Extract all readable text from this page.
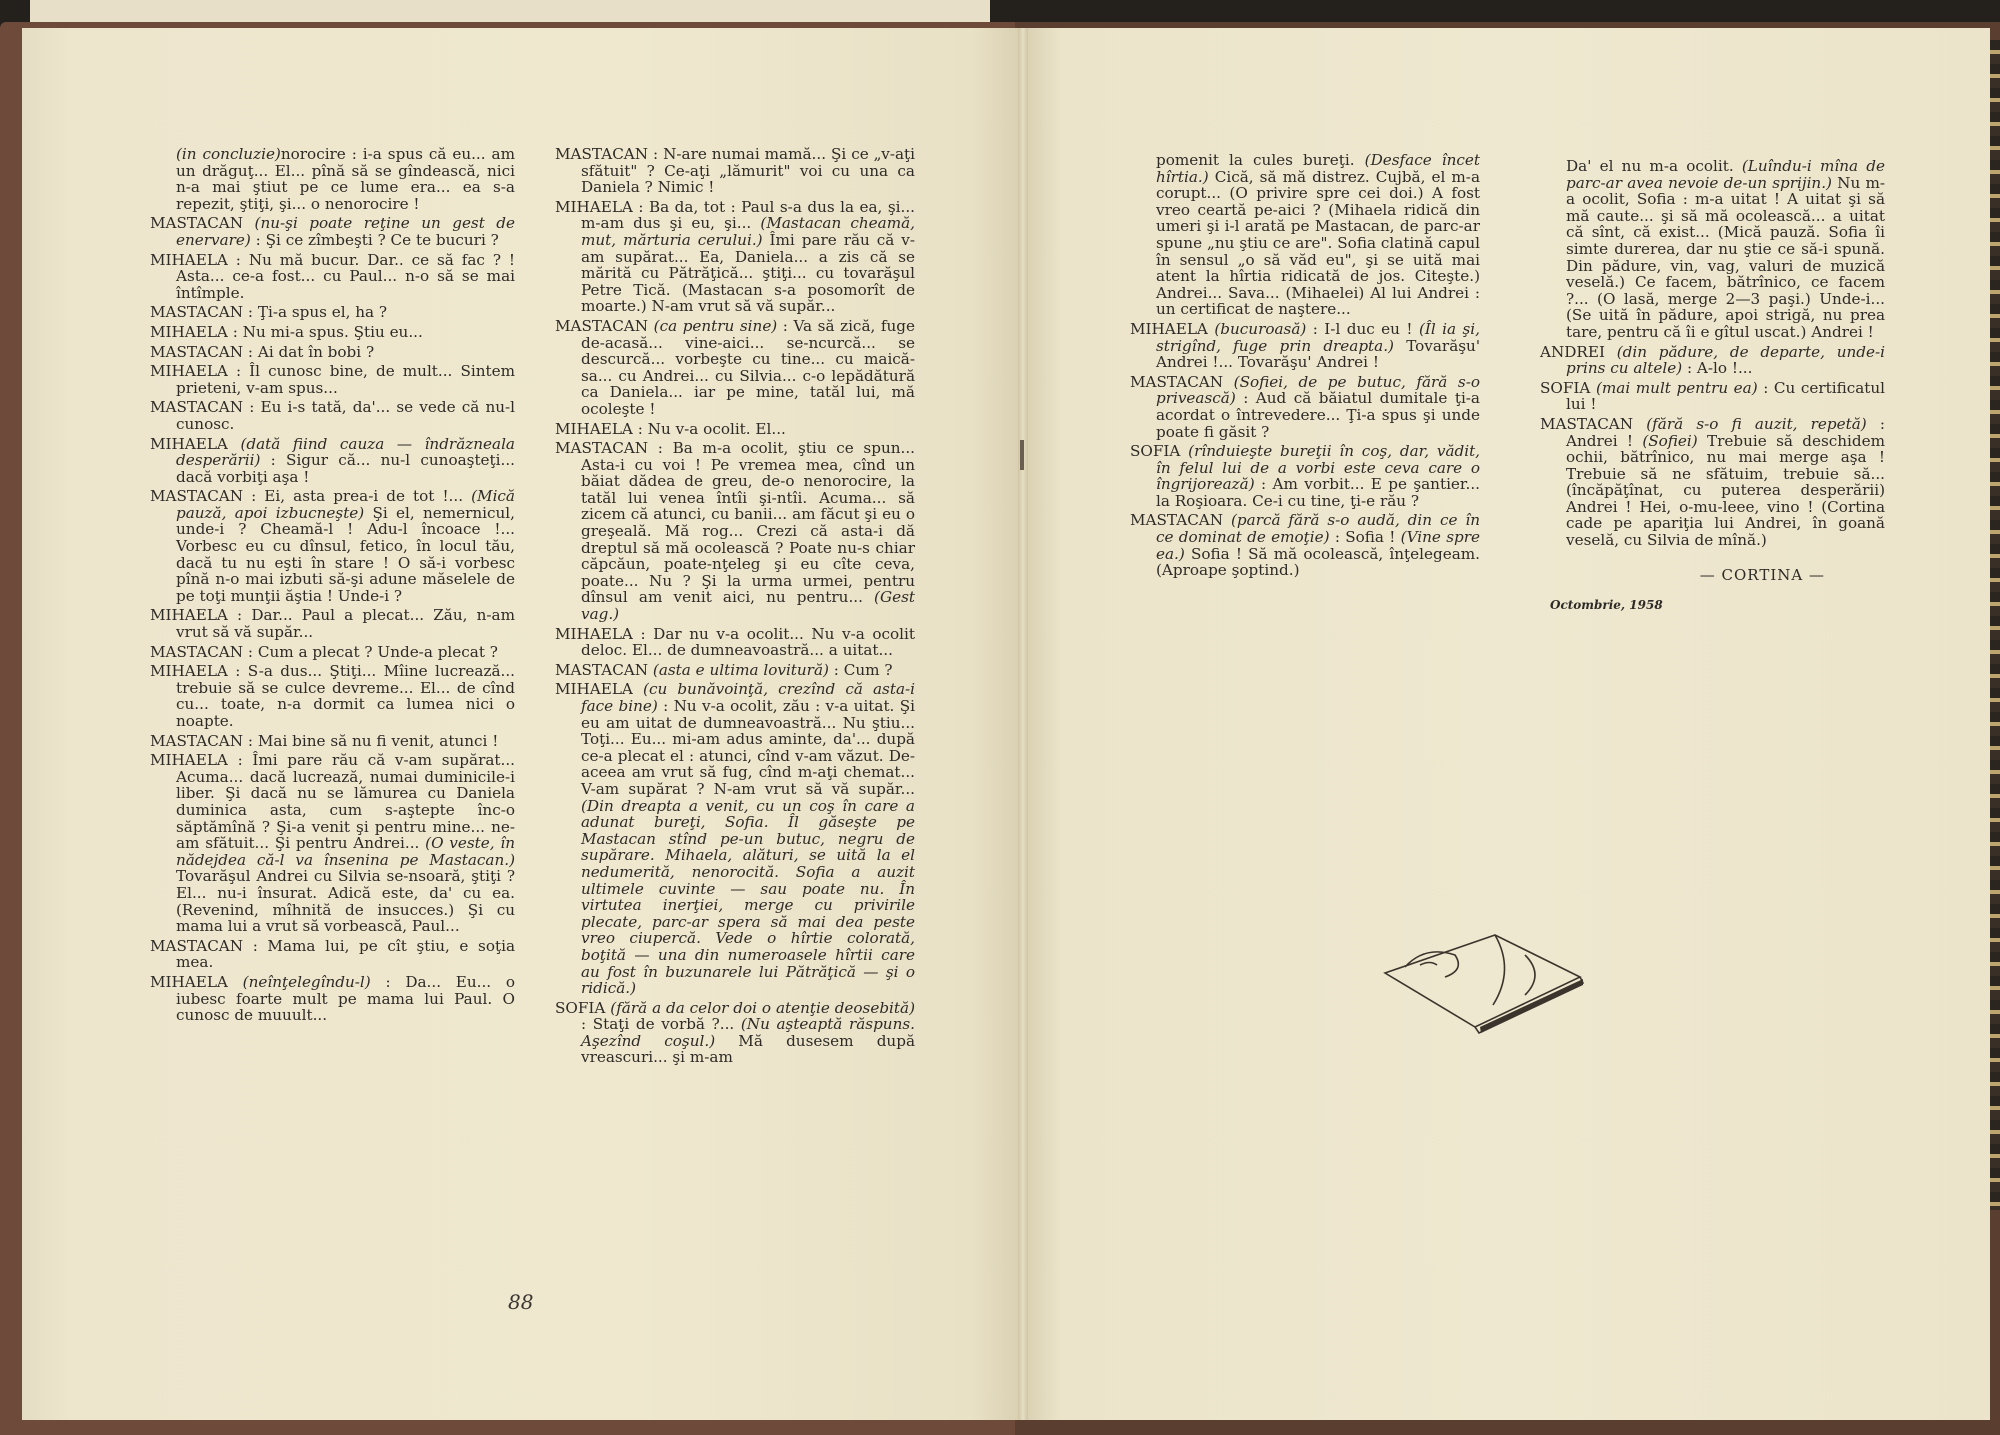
(in concluzie)norocire : i-a spus că eu... am un drăguţ... El... pînă să se gîndească, nici n-a mai ştiut pe ce lume era... ea s-a repezit, ştiţi, şi... o nenorocire !

MASTACAN (nu-şi poate reţine un gest de enervare) : Şi ce zîmbeşti ? Ce te bucuri ?

MIHAELA : Nu mă bucur. Dar.. ce să fac ? ! Asta... ce-a fost... cu Paul... n-o să se mai întîmple.

MASTACAN : Ţi-a spus el, ha ?

MIHAELA : Nu mi-a spus. Ştiu eu...

MASTACAN : Ai dat în bobi ?

MIHAELA : Îl cunosc bine, de mult... Sintem prieteni, v-am spus...

MASTACAN : Eu i-s tată, da'... se vede că nu-l cunosc.

MIHAELA (dată fiind cauza — îndrăzneala desperării) : Sigur că... nu-l cunoaşteţi... dacă vorbiţi aşa !

MASTACAN : Ei, asta prea-i de tot !... (Mică pauză, apoi izbucneşte) Şi el, nemernicul, unde-i ? Cheamă-l ! Adu-l încoace !... Vorbesc eu cu dînsul, fetico, în locul tău, dacă tu nu eşti în stare ! O să-i vorbesc pînă n-o mai izbuti să-şi adune măselele de pe toţi munţii ăştia ! Unde-i ?

MIHAELA : Dar... Paul a plecat... Zău, n-am vrut să vă supăr...

MASTACAN : Cum a plecat ? Unde-a plecat ?

MIHAELA : S-a dus... Ştiţi... Mîine lucrează... trebuie să se culce devreme... El... de cînd cu... toate, n-a dormit ca lumea nici o noapte.

MASTACAN : Mai bine să nu fi venit, atunci !

MIHAELA : Îmi pare rău că v-am supărat... Acuma... dacă lucrează, numai duminicile-i liber. Şi dacă nu se lămurea cu Daniela duminica asta, cum s-aştepte înc-o săptămînă ? Şi-a venit şi pentru mine... ne-am sfătuit... Şi pentru Andrei... (O veste, în nădejdea că-l va însenina pe Mastacan.) Tovarăşul Andrei cu Silvia se-nsoară, ştiţi ? El... nu-i însurat. Adică este, da' cu ea. (Revenind, mîhnită de insucces.) Şi cu mama lui a vrut să vorbească, Paul...

MASTACAN : Mama lui, pe cît ştiu, e soţia mea.

MIHAELA (neînţelegîndu-l) : Da... Eu... o iubesc foarte mult pe mama lui Paul. O cunosc de muuult...

MASTACAN : N-are numai mamă... Şi ce „v-aţi sfătuit" ? Ce-aţi „lămurit" voi cu una ca Daniela ? Nimic !

MIHAELA : Ba da, tot : Paul s-a dus la ea, şi... m-am dus şi eu, şi... (Mastacan cheamă, mut, mărturia cerului.) Îmi pare rău că v-am supărat... Ea, Daniela... a zis că se mărită cu Pătrăţică... ştiţi... cu tovarăşul Petre Tică. (Mastacan s-a posomorît de moarte.) N-am vrut să vă supăr...

MASTACAN (ca pentru sine) : Va să zică, fuge de-acasă... vine-aici... se-ncurcă... se descurcă... vorbeşte cu tine... cu maică-sa... cu Andrei... cu Silvia... c-o lepădătură ca Daniela... iar pe mine, tatăl lui, mă ocoleşte !

MIHAELA : Nu v-a ocolit. El...

MASTACAN : Ba m-a ocolit, ştiu ce spun... Asta-i cu voi ! Pe vremea mea, cînd un băiat dădea de greu, de-o nenorocire, la tatăl lui venea întîi şi-ntîi. Acuma... să zicem că atunci, cu banii... am făcut şi eu o greşeală. Mă rog... Crezi că asta-i dă dreptul să mă ocolească ? Poate nu-s chiar căpcăun, poate-nţeleg şi eu cîte ceva, poate... Nu ? Şi la urma urmei, pentru dînsul am venit aici, nu pentru... (Gest vag.)

MIHAELA : Dar nu v-a ocolit... Nu v-a ocolit deloc. El... de dumneavoastră... a uitat...

MASTACAN (asta e ultima lovitură) : Cum ?

MIHAELA (cu bunăvoinţă, crezînd că asta-i face bine) : Nu v-a ocolit, zău : v-a uitat. Şi eu am uitat de dumneavoastră... Nu ştiu... Toţi... Eu... mi-am adus aminte, da'... după ce-a plecat el : atunci, cînd v-am văzut. De-aceea am vrut să fug, cînd m-aţi chemat... V-am supărat ? N-am vrut să vă supăr... (Din dreapta a venit, cu un coş în care a adunat bureţi, Sofia. Îl găseşte pe Mastacan stînd pe-un butuc, negru de supărare. Mihaela, alături, se uită la el nedumerită, nenorocită. Sofia a auzit ultimele cuvinte — sau poate nu. În virtutea inerţiei, merge cu privirile plecate, parc-ar spera să mai dea peste vreo ciupercă. Vede o hîrtie colorată, boţită — una din numeroasele hîrtii care au fost în buzunarele lui Pătrăţică — şi o ridică.)

SOFIA (fără a da celor doi o atenţie deosebită) : Staţi de vorbă ?... (Nu aşteaptă răspuns. Aşezînd coşul.) Mă dusesem după vreascuri... şi m-am

pomenit la cules bureţi. (Desface încet hîrtia.) Cică, să mă distrez. Cujbă, el m-a corupt... (O privire spre cei doi.) A fost vreo ceartă pe-aici ? (Mihaela ridică din umeri şi i-l arată pe Mastacan, de parc-ar spune „nu ştiu ce are". Sofia clatină capul în sensul „o să văd eu", şi se uită mai atent la hîrtia ridicată de jos. Citeşte.) Andrei... Sava... (Mihaelei) Al lui Andrei : un certificat de naştere...

MIHAELA (bucuroasă) : I-l duc eu ! (Îl ia şi, strigînd, fuge prin dreapta.) Tovarăşu' Andrei !... Tovarăşu' Andrei !

MASTACAN (Sofiei, de pe butuc, fără s-o privească) : Aud că băiatul dumitale ţi-a acordat o întrevedere... Ţi-a spus şi unde poate fi găsit ?

SOFIA (rînduieşte bureţii în coş, dar, vădit, în felul lui de a vorbi este ceva care o îngrijorează) : Am vorbit... E pe şantier... la Roşioara. Ce-i cu tine, ţi-e rău ?

MASTACAN (parcă fără s-o audă, din ce în ce dominat de emoţie) : Sofia ! (Vine spre ea.) Sofia ! Să mă ocolească, înţelegeam. (Aproape şoptind.)

Da' el nu m-a ocolit. (Luîndu-i mîna de parc-ar avea nevoie de-un sprijin.) Nu m-a ocolit, Sofia : m-a uitat ! A uitat şi să mă caute... şi să mă ocolească... a uitat că sînt, că exist... (Mică pauză. Sofia îi simte durerea, dar nu ştie ce să-i spună. Din pădure, vin, vag, valuri de muzică veselă.) Ce facem, bătrînico, ce facem ?... (O lasă, merge 2—3 paşi.) Unde-i... (Se uită în pădure, apoi strigă, nu prea tare, pentru că îi e gîtul uscat.) Andrei !

ANDREI (din pădure, de departe, unde-i prins cu altele) : A-lo !...

SOFIA (mai mult pentru ea) : Cu certificatul lui !

MASTACAN (fără s-o fi auzit, repetă) : Andrei ! (Sofiei) Trebuie să deschidem ochii, bătrînico, nu mai merge aşa ! Trebuie să ne sfătuim, trebuie să... (încăpăţînat, cu puterea desperării) Andrei ! Hei, o-mu-leee, vino ! (Cortina cade pe apariţia lui Andrei, în goană veselă, cu Silvia de mînă.)

— CORTINA —
Octombrie, 1958
88
